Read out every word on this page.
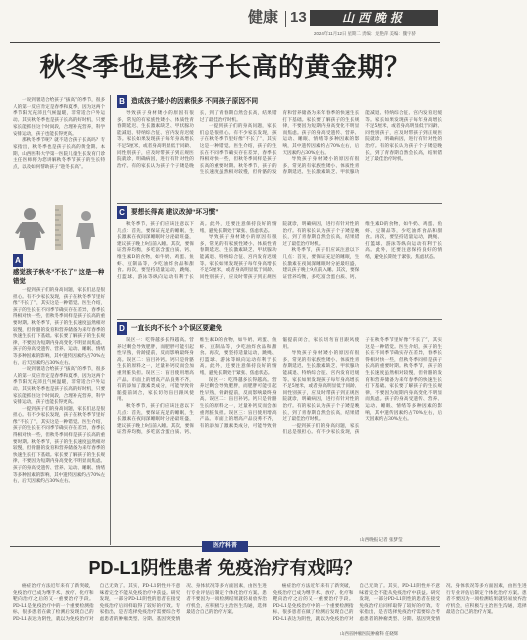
健康 13	山西晚报
2024年11月12日 星期二 责编：龙艳萍 美编：魏宇骄
秋冬季也是孩子长高的黄金期？

一说到暑适合给孩子“拔高”的季节，很多人的第一反应肯定是春季和夏季，因为这两个季节阳光充沛且气候温暖，非常适合户外运动。其实秋冬季也是孩子长高的好时机，只要家长能抓住这个时间段，合理补充营养，科学安排运动，孩子也能长得更高。

那秋冬季节呢？就不适合孩子长高吗？专家指出，秋冬季也是孩子长高的黄金期。本期，山西医科大学第一医院儿童生长发育门诊主任医师将为您讲解秋冬季节孩子的生长特点，以及如何帮助孩子“趁冬长高”。

A
感觉孩子秋冬“不长了” 这是一种错觉

一提到孩子们的身高问题，家长们总是很担心。有不少家长发现，孩子在秋冬季节里好像“不长了”，其实这是一种错觉。医生介绍，孩子的生长在不同季节确实存在差异，春季长得相对快一些，但秋冬季同样是孩子长高的重要时期。秋冬季节，孩子的生长速度虽然相对较慢，但骨骼的发育和营养储备为来年春季的快速生长打下基础。家长要了解孩子的生长规律，不要因为短期内身高变化不明显而焦虑。孩子的身高受遗传、营养、运动、睡眠、情绪等多种因素的影响，其中遗传因素约占70%左右，后天因素约占30%左右。

一说到暑适合给孩子“拔高”的季节，很多人的第一反应肯定是春季和夏季，因为这两个季节阳光充沛且气候温暖，非常适合户外运动。其实秋冬季也是孩子长高的好时机，只要家长能抓住这个时间段，合理补充营养，科学安排运动，孩子也能长得更高。

一提到孩子们的身高问题，家长们总是很担心。有不少家长发现，孩子在秋冬季节里好像“不长了”，其实这是一种错觉。医生介绍，孩子的生长在不同季节确实存在差异，春季长得相对快一些，但秋冬季同样是孩子长高的重要时期。秋冬季节，孩子的生长速度虽然相对较慢，但骨骼的发育和营养储备为来年春季的快速生长打下基础。家长要了解孩子的生长规律，不要因为短期内身高变化不明显而焦虑。孩子的身高受遗传、营养、运动、睡眠、情绪等多种因素的影响，其中遗传因素约占70%左右，后天因素约占30%左右。

B 造成孩子矮小的因素很多 不同孩子原因不同

导致孩子身材矮小的原因有很多，常见的有家族性矮小、体质性青春期延迟、生长激素缺乏、甲状腺功能减退、特纳综合征、宫内发育迟缓等。家长如果发现孩子每年身高增长不足5厘米，或者身高明显低于同龄、同性别孩子，应及时带孩子到正规医院就诊，明确病因，进行有针对性的治疗。有的家长认为孩子个子矮是晚长，到了青春期自然会长高，结果错过了最佳治疗时机。

一提到孩子们的身高问题，家长们总是很担心。有不少家长发现，孩子在秋冬季节里好像“不长了”，其实这是一种错觉。医生介绍，孩子的生长在不同季节确实存在差异，春季长得相对快一些，但秋冬季同样是孩子长高的重要时期。秋冬季节，孩子的生长速度虽然相对较慢，但骨骼的发育和营养储备为来年春季的快速生长打下基础。家长要了解孩子的生长规律，不要因为短期内身高变化不明显而焦虑。孩子的身高受遗传、营养、运动、睡眠、情绪等多种因素的影响，其中遗传因素约占70%左右，后天因素约占30%左右。

导致孩子身材矮小的原因有很多，常见的有家族性矮小、体质性青春期延迟、生长激素缺乏、甲状腺功能减退、特纳综合征、宫内发育迟缓等。家长如果发现孩子每年身高增长不足5厘米，或者身高明显低于同龄、同性别孩子，应及时带孩子到正规医院就诊，明确病因，进行有针对性的治疗。有的家长认为孩子个子矮是晚长，到了青春期自然会长高，结果错过了最佳治疗时机。

C 要想长得高 建议改掉“坏习惯”

秋冬季节，孩子们应该注意以下几点：首先，要保证充足的睡眠，生长激素在夜间深睡眠时分泌最旺盛，建议孩子晚上9点前入睡。其次，要保证营养均衡，多吃富含蛋白质、钙、维生素D的食物，如牛奶、鸡蛋、鱼虾、豆制品等，少吃油炸食品和甜食。再次，要坚持适量运动，跳绳、打篮球、游泳等纵向运动有利于长高。此外，还要注意保持良好的情绪，避免长期处于紧张、焦虑状态。

导致孩子身材矮小的原因有很多，常见的有家族性矮小、体质性青春期延迟、生长激素缺乏、甲状腺功能减退、特纳综合征、宫内发育迟缓等。家长如果发现孩子每年身高增长不足5厘米，或者身高明显低于同龄、同性别孩子，应及时带孩子到正规医院就诊，明确病因，进行有针对性的治疗。有的家长认为孩子个子矮是晚长，到了青春期自然会长高，结果错过了最佳治疗时机。

秋冬季节，孩子们应该注意以下几点：首先，要保证充足的睡眠，生长激素在夜间深睡眠时分泌最旺盛，建议孩子晚上9点前入睡。其次，要保证营养均衡，多吃富含蛋白质、钙、维生素D的食物，如牛奶、鸡蛋、鱼虾、豆制品等，少吃油炸食品和甜食。再次，要坚持适量运动，跳绳、打篮球、游泳等纵向运动有利于长高。此外，还要注意保持良好的情绪，避免长期处于紧张、焦虑状态。

D 一直长肉不长个 3个误区要避免

误区一：吃得越多长得越高。营养过剩会导致肥胖，而肥胖可能引起性早熟，骨龄提前，反而影响最终身高。误区二：盲目补钙。钙只是骨骼生长的原料之一，过量补钙反而会加重肾脏负担。误区三：盲目使用增高产品。市面上的增高产品良莠不齐，有的添加了激素类成分，可能导致骨骺提前闭合，家长切勿盲目跟风使用。

秋冬季节，孩子们应该注意以下几点：首先，要保证充足的睡眠，生长激素在夜间深睡眠时分泌最旺盛，建议孩子晚上9点前入睡。其次，要保证营养均衡，多吃富含蛋白质、钙、维生素D的食物，如牛奶、鸡蛋、鱼虾、豆制品等，少吃油炸食品和甜食。再次，要坚持适量运动，跳绳、打篮球、游泳等纵向运动有利于长高。此外，还要注意保持良好的情绪，避免长期处于紧张、焦虑状态。

误区一：吃得越多长得越高。营养过剩会导致肥胖，而肥胖可能引起性早熟，骨龄提前，反而影响最终身高。误区二：盲目补钙。钙只是骨骼生长的原料之一，过量补钙反而会加重肾脏负担。误区三：盲目使用增高产品。市面上的增高产品良莠不齐，有的添加了激素类成分，可能导致骨骺提前闭合，家长切勿盲目跟风使用。

导致孩子身材矮小的原因有很多，常见的有家族性矮小、体质性青春期延迟、生长激素缺乏、甲状腺功能减退、特纳综合征、宫内发育迟缓等。家长如果发现孩子每年身高增长不足5厘米，或者身高明显低于同龄、同性别孩子，应及时带孩子到正规医院就诊，明确病因，进行有针对性的治疗。有的家长认为孩子个子矮是晚长，到了青春期自然会长高，结果错过了最佳治疗时机。

一提到孩子们的身高问题，家长们总是很担心。有不少家长发现，孩子在秋冬季节里好像“不长了”，其实这是一种错觉。医生介绍，孩子的生长在不同季节确实存在差异，春季长得相对快一些，但秋冬季同样是孩子长高的重要时期。秋冬季节，孩子的生长速度虽然相对较慢，但骨骼的发育和营养储备为来年春季的快速生长打下基础。家长要了解孩子的生长规律，不要因为短期内身高变化不明显而焦虑。孩子的身高受遗传、营养、运动、睡眠、情绪等多种因素的影响，其中遗传因素约占70%左右，后天因素约占30%左右。

山西晚报记者 张梦莹
医疗科普
PD-L1阴性患者 免疫治疗有戏吗？

癌症治疗方法近年来有了新突破，免疫治疗已成为继手术、放疗、化疗和靶向治疗之后的又一重要治疗手段。PD-L1是免疫治疗中的一个重要检测指标，很多患者在做了检测后发现自己的PD-L1表达为阴性，就以为免疫治疗对自己无效了。其实，PD-L1阴性并不意味着完全不能从免疫治疗中获益。研究发现，一部分PD-L1阴性的患者在接受免疫治疗后同样取得了较好的疗效。专家指出，是否选择免疫治疗需要综合考虑患者的肿瘤类型、分期、基因突变情况、身体状况等多方面因素，由医生进行专业评估后制定个体化治疗方案。患者不要因为一项检测结果就轻易放弃治疗机会，应积极与主治医生沟通，选择最适合自己的治疗方案。

癌症治疗方法近年来有了新突破，免疫治疗已成为继手术、放疗、化疗和靶向治疗之后的又一重要治疗手段。PD-L1是免疫治疗中的一个重要检测指标，很多患者在做了检测后发现自己的PD-L1表达为阴性，就以为免疫治疗对自己无效了。其实，PD-L1阴性并不意味着完全不能从免疫治疗中获益。研究发现，一部分PD-L1阴性的患者在接受免疫治疗后同样取得了较好的疗效。专家指出，是否选择免疫治疗需要综合考虑患者的肿瘤类型、分期、基因突变情况、身体状况等多方面因素，由医生进行专业评估后制定个体化治疗方案。患者不要因为一项检测结果就轻易放弃治疗机会，应积极与主治医生沟通，选择最适合自己的治疗方案。

山西省肿瘤医院肿瘤科 任晓辉
